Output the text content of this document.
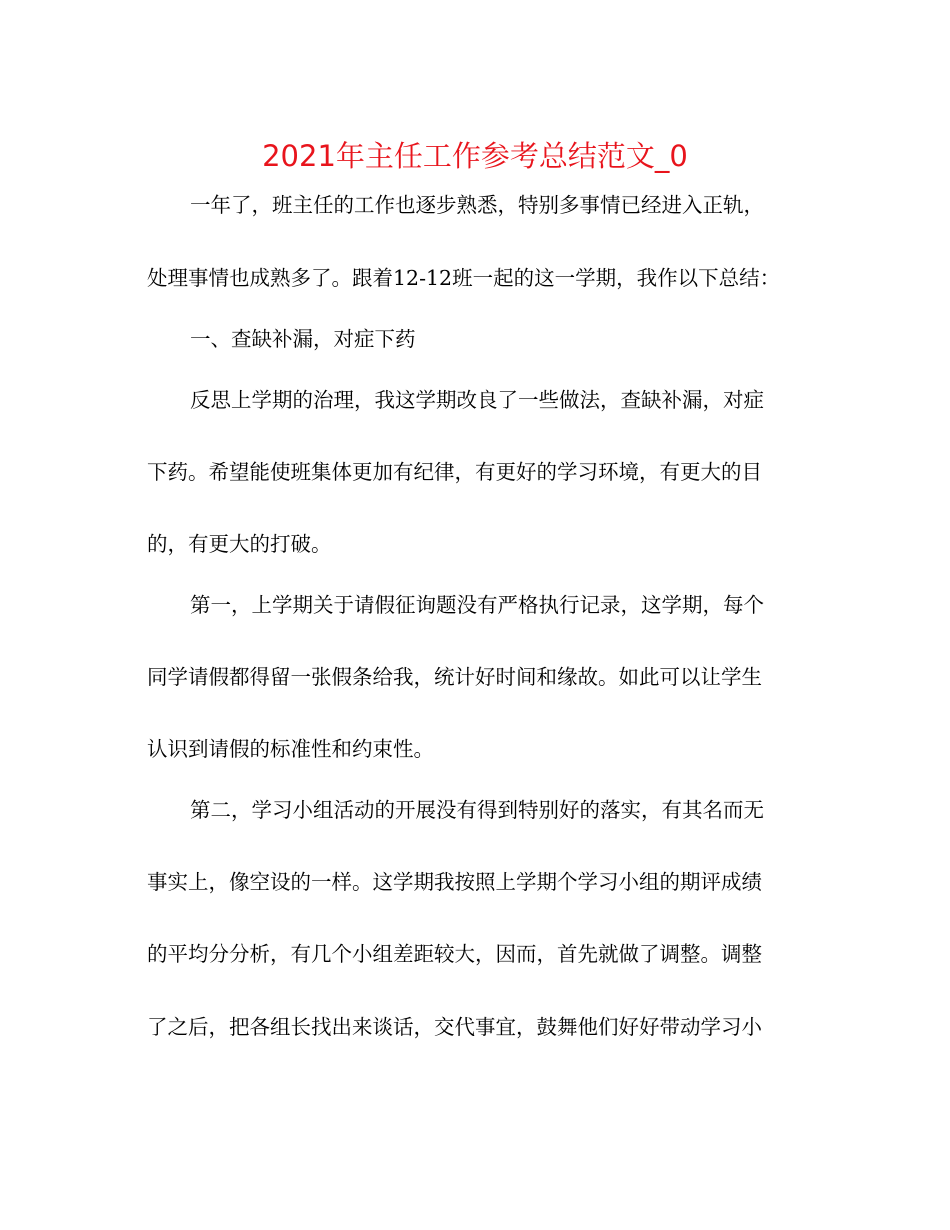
2021年主任工作参考总结范文_0
一年了，班主任的工作也逐步熟悉，特别多事情已经进入正轨，
处理事情也成熟多了。跟着12-12班一起的这一学期，我作以下总结：
一、查缺补漏，对症下药
反思上学期的治理，我这学期改良了一些做法，查缺补漏，对症
下药。希望能使班集体更加有纪律，有更好的学习环境，有更大的目
的，有更大的打破。
第一，上学期关于请假征询题没有严格执行记录，这学期，每个
同学请假都得留一张假条给我，统计好时间和缘故。如此可以让学生
认识到请假的标准性和约束性。
第二，学习小组活动的开展没有得到特别好的落实，有其名而无
事实上，像空设的一样。这学期我按照上学期个学习小组的期评成绩
的平均分分析，有几个小组差距较大，因而，首先就做了调整。调整
了之后，把各组长找出来谈话，交代事宜，鼓舞他们好好带动学习小
